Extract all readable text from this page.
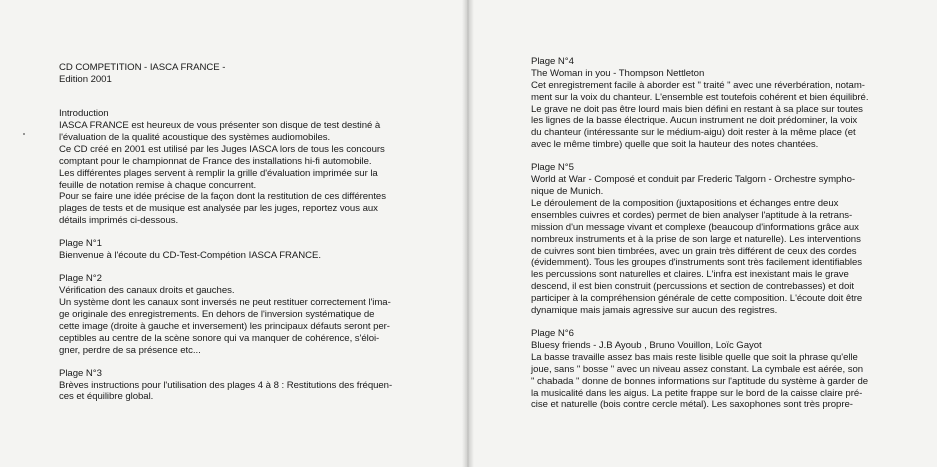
CD COMPETITION - IASCA FRANCE -
Edition 2001
Introduction
IASCA FRANCE est heureux de vous présenter son disque de test destiné à
l'évaluation de la qualité acoustique des systèmes audiomobiles.
Ce CD créé en 2001 est utilisé par les Juges IASCA lors de tous les concours
comptant pour le championnat de France des installations hi-fi automobile.
Les différentes plages servent à remplir la grille d'évaluation imprimée sur la
feuille de notation remise à chaque concurrent.
Pour se faire une idée précise de la façon dont la restitution de ces différentes
plages de tests et de musique est analysée par les juges, reportez vous aux
détails imprimés ci-dessous.
Plage N°1
Bienvenue à l'écoute du CD-Test-Compétion IASCA FRANCE.
Plage N°2
Vérification des canaux droits et gauches.
Un système dont les canaux sont inversés ne peut restituer correctement l'ima-
ge originale des enregistrements. En dehors de l'inversion systématique de
cette image (droite à gauche et inversement) les principaux défauts seront per-
ceptibles au centre de la scène sonore qui va manquer de cohérence, s'éloi-
gner, perdre de sa présence etc...
Plage N°3
Brèves instructions pour l'utilisation des plages 4 à 8 : Restitutions des fréquen-
ces et équilibre global.
Plage N°4
The Woman in you - Thompson Nettleton
Cet enregistrement facile à aborder est " traité " avec une réverbération, notam-
ment sur la voix du chanteur. L'ensemble est toutefois cohérent et bien équilibré.
Le grave ne doit pas être lourd mais bien défini en restant à sa place sur toutes
les lignes de la basse électrique. Aucun instrument ne doit prédominer, la voix
du chanteur (intéressante sur le médium-aigu) doit rester à la même place (et
avec le même timbre) quelle que soit la hauteur des notes chantées.
Plage N°5
World at War - Composé et conduit par Frederic Talgorn - Orchestre sympho-
nique de Munich.
Le déroulement de la composition (juxtapositions et échanges entre deux
ensembles cuivres et cordes) permet de bien analyser l'aptitude à la retrans-
mission d'un message vivant et complexe (beaucoup d'informations grâce aux
nombreux instruments et à la prise de son large et naturelle). Les interventions
de cuivres sont bien timbrées, avec un grain très différent de ceux des cordes
(évidemment). Tous les groupes d'instruments sont très facilement identifiables
les percussions sont naturelles et claires. L'infra est inexistant mais le grave
descend, il est bien construit (percussions et section de contrebasses) et doit
participer à la compréhension générale de cette composition. L'écoute doit être
dynamique mais jamais agressive sur aucun des registres.
Plage N°6
Bluesy friends - J.B Ayoub , Bruno Vouillon, Loïc Gayot
La basse travaille assez bas mais reste lisible quelle que soit la phrase qu'elle
joue, sans " bosse " avec un niveau assez constant. La cymbale est aérée, son
" chabada " donne de bonnes informations sur l'aptitude du système à garder de
la musicalité dans les aigus. La petite frappe sur le bord de la caisse claire pré-
cise et naturelle (bois contre cercle métal). Les saxophones sont très propre-
